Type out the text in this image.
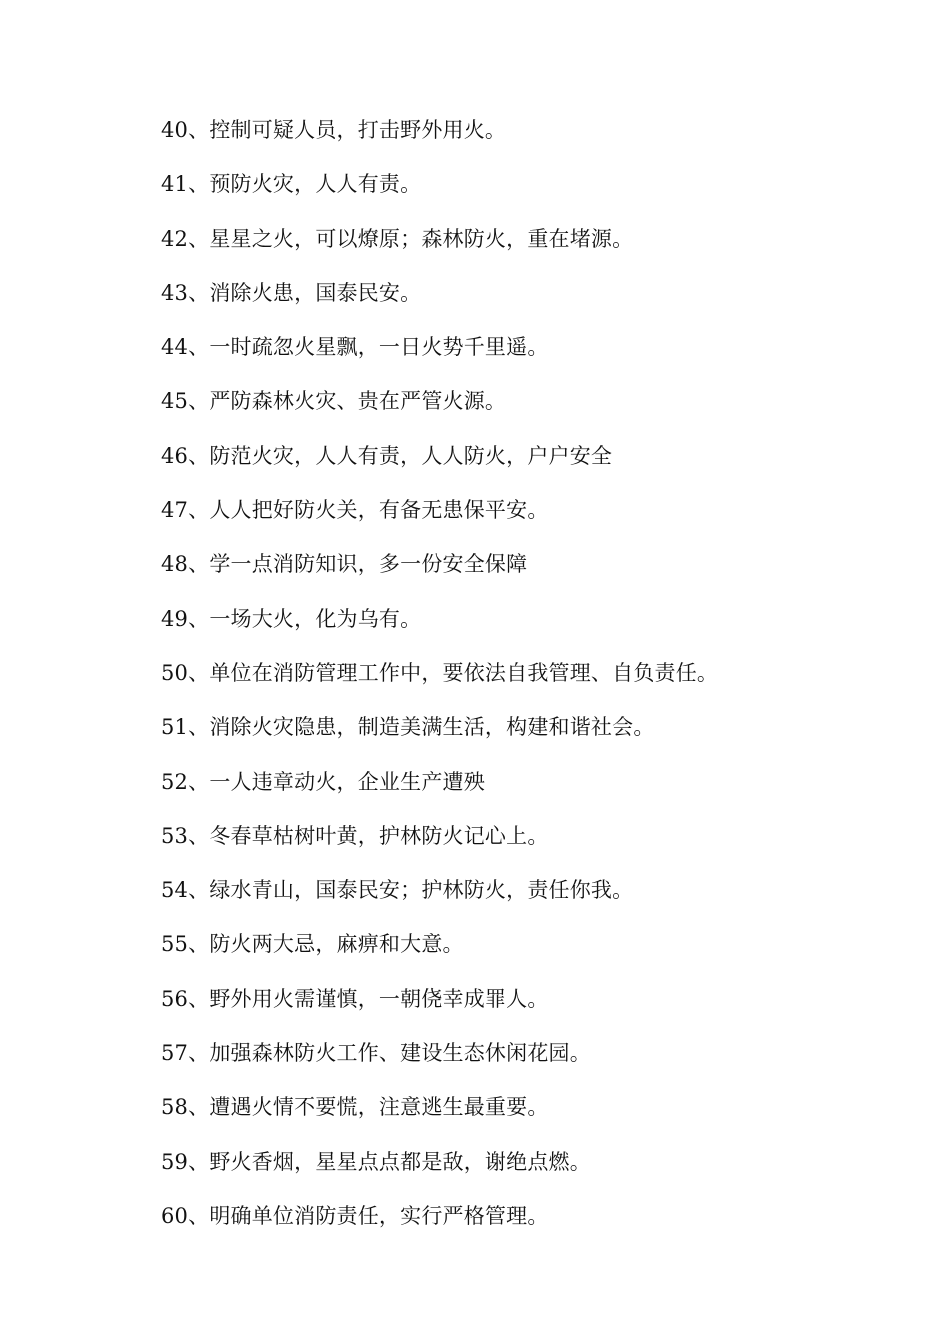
40、控制可疑人员，打击野外用火。
41、预防火灾，人人有责。
42、星星之火，可以燎原；森林防火，重在堵源。
43、消除火患，国泰民安。
44、一时疏忽火星飘，一日火势千里遥。
45、严防森林火灾、贵在严管火源。
46、防范火灾，人人有责，人人防火，户户安全
47、人人把好防火关，有备无患保平安。
48、学一点消防知识，多一份安全保障
49、一场大火，化为乌有。
50、单位在消防管理工作中，要依法自我管理、自负责任。
51、消除火灾隐患，制造美满生活，构建和谐社会。
52、一人违章动火，企业生产遭殃
53、冬春草枯树叶黄，护林防火记心上。
54、绿水青山，国泰民安；护林防火，责任你我。
55、防火两大忌，麻痹和大意。
56、野外用火需谨慎，一朝侥幸成罪人。
57、加强森林防火工作、建设生态休闲花园。
58、遭遇火情不要慌，注意逃生最重要。
59、野火香烟，星星点点都是敌，谢绝点燃。
60、明确单位消防责任，实行严格管理。
